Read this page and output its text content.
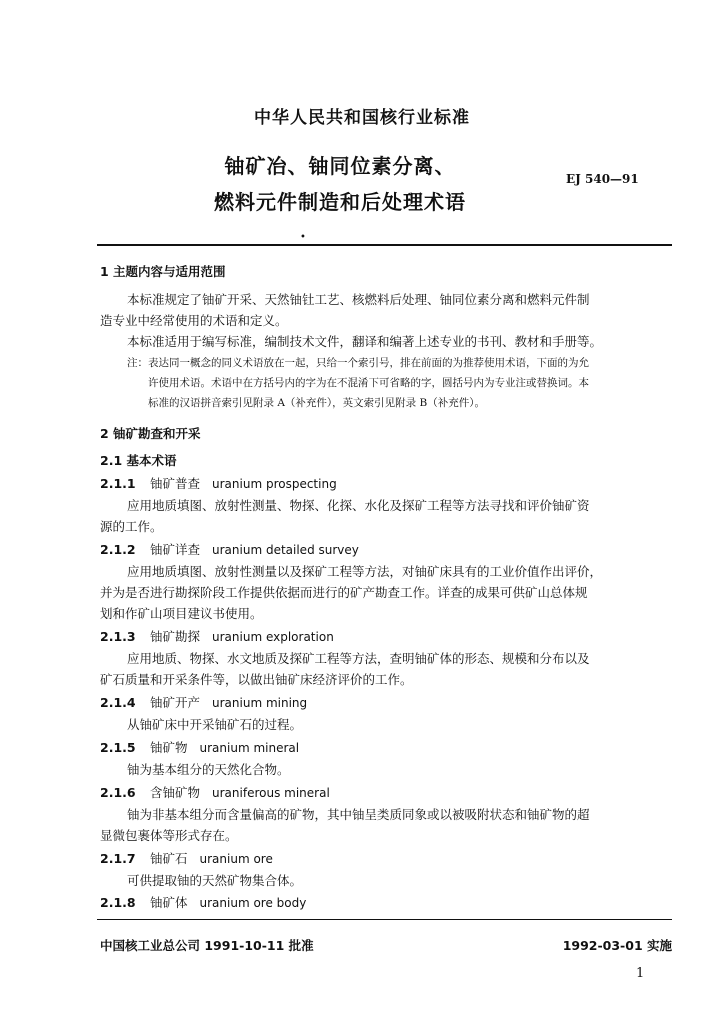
中华人民共和国核行业标准
铀矿冶、铀同位素分离、
燃料元件制造和后处理术语
EJ 540—91
•
1 主题内容与适用范围
本标准规定了铀矿开采、天然铀钍工艺、核燃料后处理、铀同位素分离和燃料元件制
造专业中经常使用的术语和定义。
本标准适用于编写标准，编制技术文件，翻译和编著上述专业的书刊、教材和手册等。
注：表达同一概念的同义术语放在一起，只给一个索引号，排在前面的为推荐使用术语，下面的为允
许使用术语。术语中在方括号内的字为在不混淆下可省略的字，圆括号内为专业注或替换词。本
标准的汉语拼音索引见附录 A（补充件），英文索引见附录 B（补充件）。
2 铀矿勘查和开采
2.1 基本术语
2.1.1 铀矿普查 uranium prospecting
应用地质填图、放射性测量、物探、化探、水化及探矿工程等方法寻找和评价铀矿资
源的工作。
2.1.2 铀矿详查 uranium detailed survey
应用地质填图、放射性测量以及探矿工程等方法，对铀矿床具有的工业价值作出评价，
并为是否进行勘探阶段工作提供依据而进行的矿产勘查工作。详查的成果可供矿山总体规
划和作矿山项目建议书使用。
2.1.3 铀矿勘探 uranium exploration
应用地质、物探、水文地质及探矿工程等方法，查明铀矿体的形态、规模和分布以及
矿石质量和开采条件等，以做出铀矿床经济评价的工作。
2.1.4 铀矿开产 uranium mining
从铀矿床中开采铀矿石的过程。
2.1.5 铀矿物 uranium mineral
铀为基本组分的天然化合物。
2.1.6 含铀矿物 uraniferous mineral
铀为非基本组分而含量偏高的矿物，其中铀呈类质同象或以被吸附状态和铀矿物的超
显微包裹体等形式存在。
2.1.7 铀矿石 uranium ore
可供提取铀的天然矿物集合体。
2.1.8 铀矿体 uranium ore body
中国核工业总公司 1991-10-11 批准	1992-03-01 实施
1
